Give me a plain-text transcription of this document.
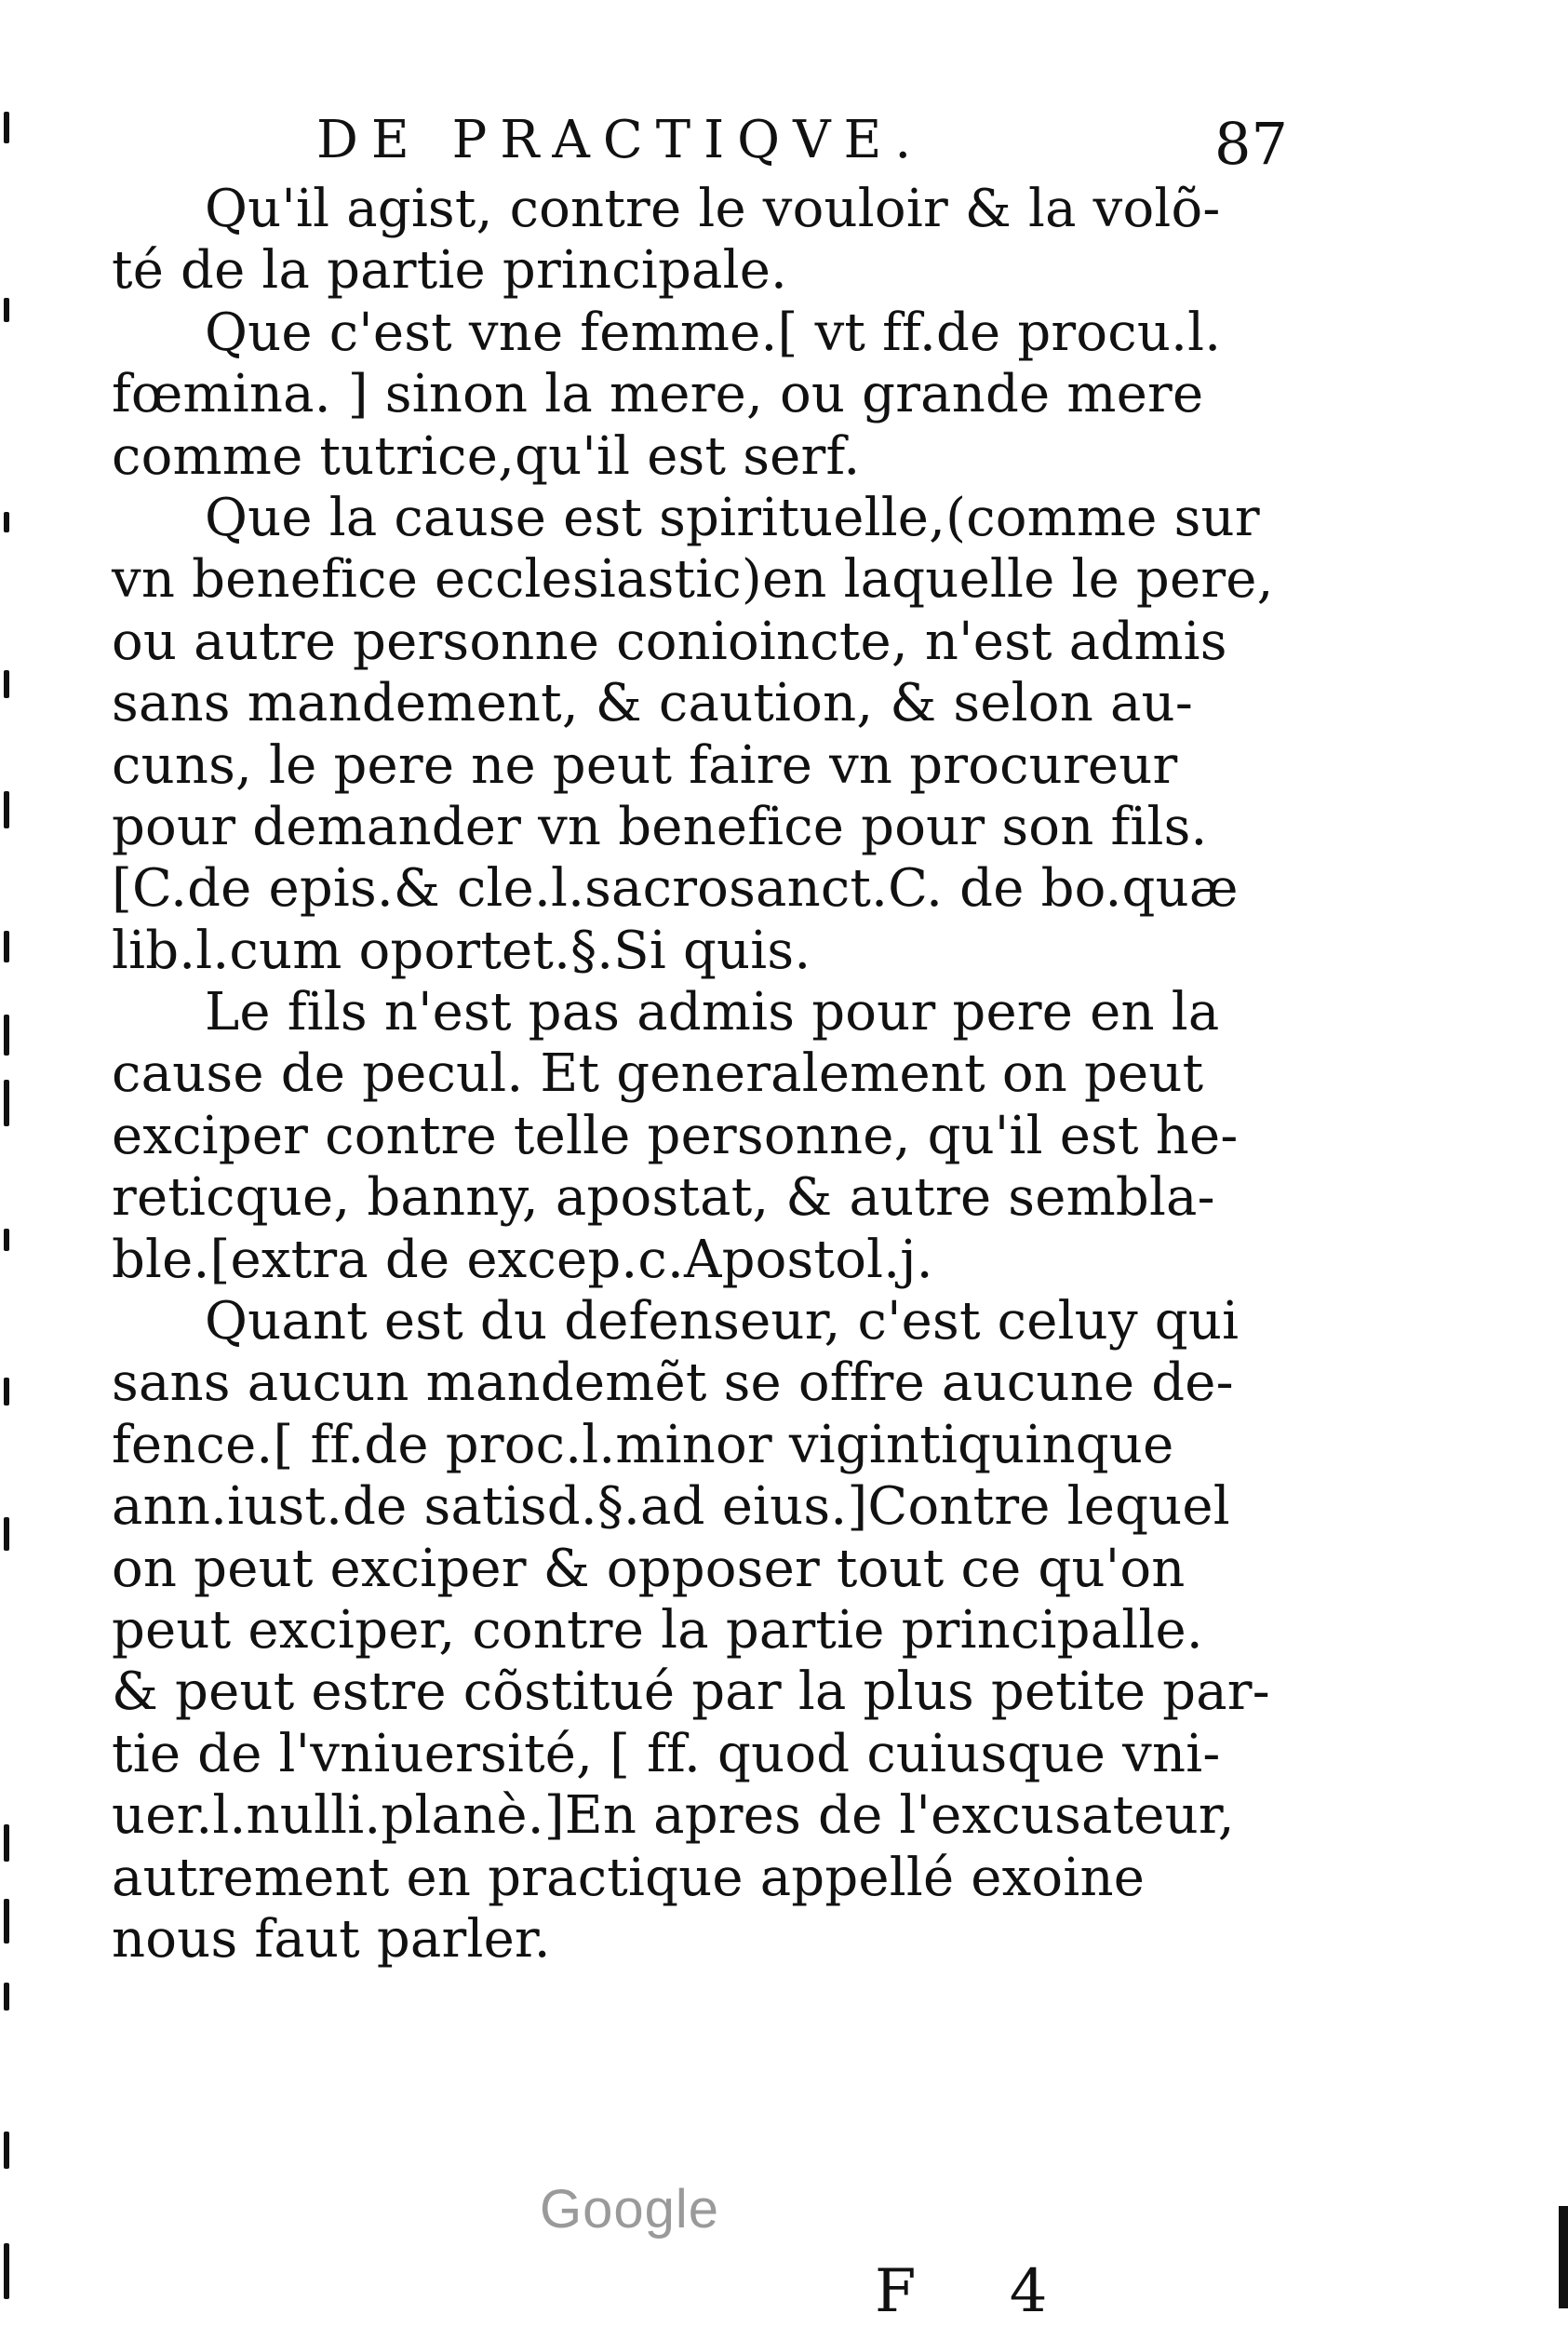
DE PRACTIQVE.	87
Qu'il agist, contre le vouloir & la volõ-
té de la partie principale.
Que c'est vne femme.[ vt ff.de procu.l.
fœmina. ] sinon la mere, ou grande mere
comme tutrice,qu'il est serf.
Que la cause est spirituelle,(comme sur
vn benefice ecclesiastic)en laquelle le pere,
ou autre personne conioincte, n'est admis
sans mandement, & caution, & selon au-
cuns, le pere ne peut faire vn procureur
pour demander vn benefice pour son fils.
[C.de epis.& cle.l.sacrosanct.C. de bo.quæ
lib.l.cum oportet.§.Si quis.
Le fils n'est pas admis pour pere en la
cause de pecul. Et generalement on peut
exciper contre telle personne, qu'il est he-
reticque, banny, apostat, & autre sembla-
ble.[extra de excep.c.Apostol.j.
Quant est du defenseur, c'est celuy qui
sans aucun mandemẽt se offre aucune de-
fence.[ ff.de proc.l.minor vigintiquinque
ann.iust.de satisd.§.ad eius.]Contre lequel
on peut exciper & opposer tout ce qu'on
peut exciper, contre la partie principalle.
& peut estre cõstitué par la plus petite par-
tie de l'vniuersité, [ ff. quod cuiusque vni-
uer.l.nulli.planè.]En apres de l'excusateur,
autrement en practique appellé exoine
nous faut parler.
Google
F 4
